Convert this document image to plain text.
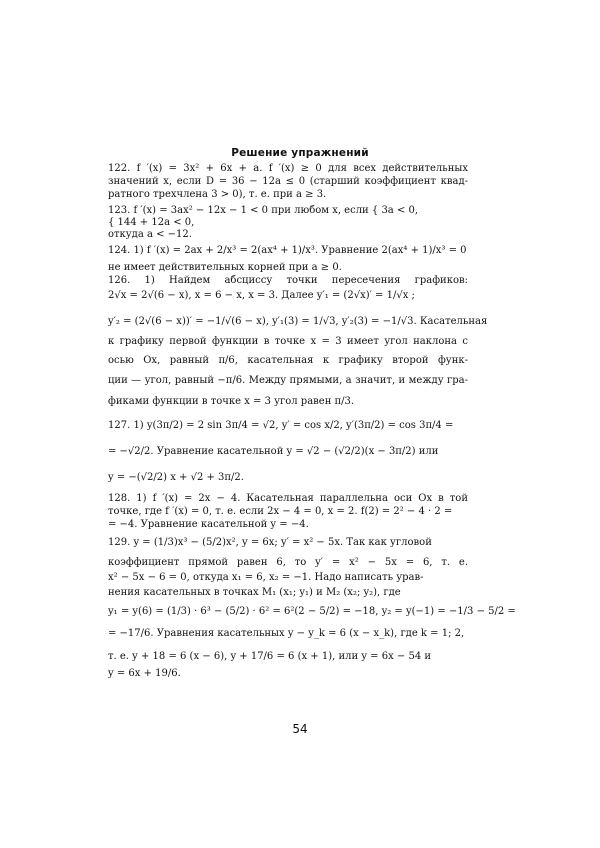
Решение упражнений
122. f ′(x) = 3x² + 6x + a. f ′(x) ≥ 0 для всех действительных
значений x, если D = 36 − 12a ≤ 0 (старший коэффициент квад-
ратного трехчлена 3 > 0), т. е. при a ≥ 3.
123. f ′(x) = 3ax² − 12x − 1 < 0 при любом x, если { 3a < 0,
{ 144 + 12a < 0,
откуда a < −12.
124. 1) f ′(x) = 2ax + 2/x³ = 2(ax⁴ + 1)/x³. Уравнение 2(ax⁴ + 1)/x³ = 0
не имеет действительных корней при a ≥ 0.
126. 1) Найдем абсциссу точки пересечения графиков:
2√x = 2√(6 − x), x = 6 − x, x = 3. Далее y′₁ = (2√x)′ = 1/√x ;
y′₂ = (2√(6 − x))′ = −1/√(6 − x), y′₁(3) = 1/√3, y′₂(3) = −1/√3. Касательная
к графику первой функции в точке x = 3 имеет угол наклона с
осью Ox, равный π/6, касательная к графику второй функ-
ции — угол, равный −π/6. Между прямыми, а значит, и между гра-
фиками функции в точке x = 3 угол равен π/3.
127. 1) y(3π/2) = 2 sin 3π/4 = √2, y′ = cos x/2, y′(3π/2) = cos 3π/4 =
= −√2/2. Уравнение касательной y = √2 − (√2/2)(x − 3π/2) или
y = −(√2/2) x + √2 + 3π/2.
128. 1) f ′(x) = 2x − 4. Касательная параллельна оси Ox в той
точке, где f ′(x) = 0, т. е. если 2x − 4 = 0, x = 2. f(2) = 2² − 4 · 2 =
= −4. Уравнение касательной y = −4.
129. y = (1/3)x³ − (5/2)x², y = 6x; y′ = x² − 5x. Так как угловой
коэффициент прямой равен 6, то y′ = x² − 5x = 6, т. е.
x² − 5x − 6 = 0, откуда x₁ = 6, x₂ = −1. Надо написать урав-
нения касательных в точках M₁ (x₁; y₁) и M₂ (x₂; y₂), где
y₁ = y(6) = (1/3) · 6³ − (5/2) · 6² = 6²(2 − 5/2) = −18, y₂ = y(−1) = −1/3 − 5/2 =
= −17/6. Уравнения касательных y − y_k = 6 (x − x_k), где k = 1; 2,
т. е. y + 18 = 6 (x − 6), y + 17/6 = 6 (x + 1), или y = 6x − 54 и
y = 6x + 19/6.
54
